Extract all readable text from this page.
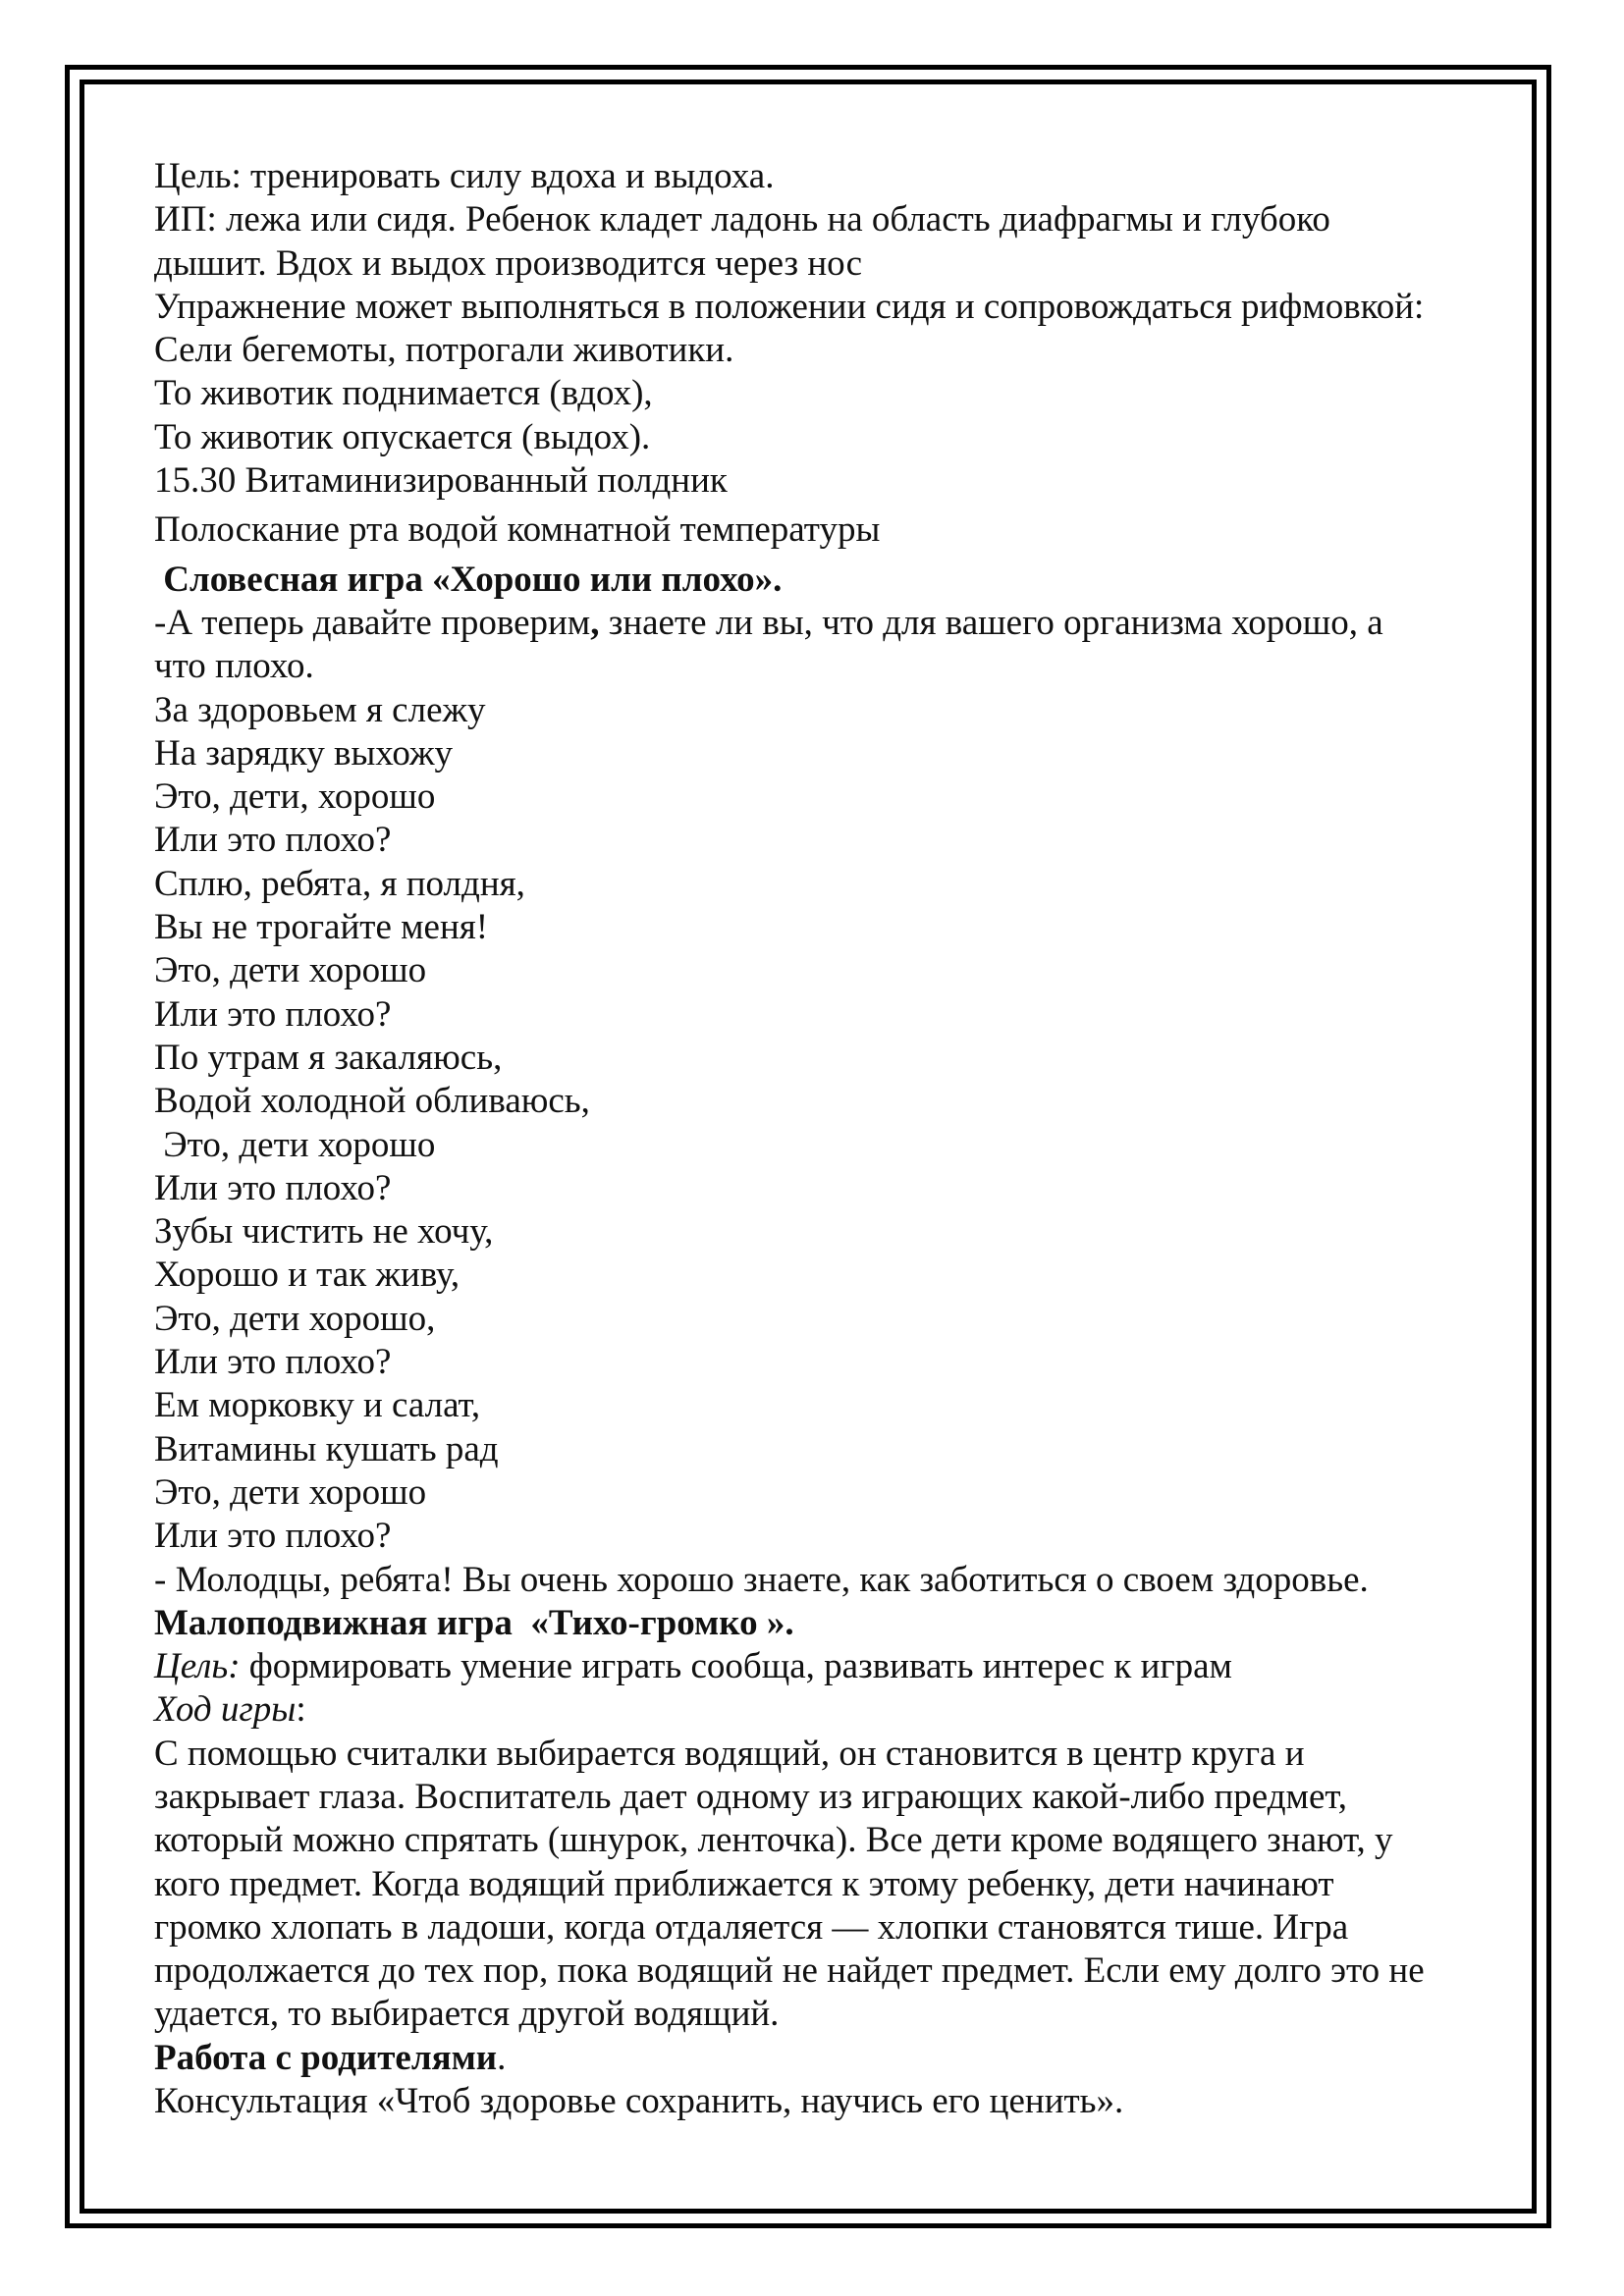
Цель: тренировать силу вдоха и выдоха.
ИП: лежа или сидя. Ребенок кладет ладонь на область диафрагмы и глубоко
дышит. Вдох и выдох производится через нос
Упражнение может выполняться в положении сидя и сопровождаться рифмовкой:
Сели бегемоты, потрогали животики.
То животик поднимается (вдох),
То животик опускается (выдох).
15.30 Витаминизированный полдник
Полоскание рта водой комнатной температуры
Словесная игра «Хорошо или плохо».
-А теперь давайте проверим, знаете ли вы, что для вашего организма хорошо, а
что плохо.
За здоровьем я слежу
На зарядку выхожу
Это, дети, хорошо
Или это плохо?
Сплю, ребята, я полдня,
Вы не трогайте меня!
Это, дети хорошо
Или это плохо?
По утрам я закаляюсь,
Водой холодной обливаюсь,
Это, дети хорошо
Или это плохо?
Зубы чистить не хочу,
Хорошо и так живу,
Это, дети хорошо,
Или это плохо?
Ем морковку и салат,
Витамины кушать рад
Это, дети хорошо
Или это плохо?
- Молодцы, ребята! Вы очень хорошо знаете, как заботиться о своем здоровье.
Малоподвижная игра  «Тихо-громко ».
Цель: формировать умение играть сообща, развивать интерес к играм
Ход игры:
С помощью считалки выбирается водящий, он становится в центр круга и
закрывает глаза. Воспитатель дает одному из играющих какой-либо предмет,
который можно спрятать (шнурок, ленточка). Все дети кроме водящего знают, у
кого предмет. Когда водящий приближается к этому ребенку, дети начинают
громко хлопать в ладоши, когда отдаляется — хлопки становятся тише. Игра
продолжается до тех пор, пока водящий не найдет предмет. Если ему долго это не
удается, то выбирается другой водящий.
Работа с родителями.
Консультация «Чтоб здоровье сохранить, научись его ценить».
